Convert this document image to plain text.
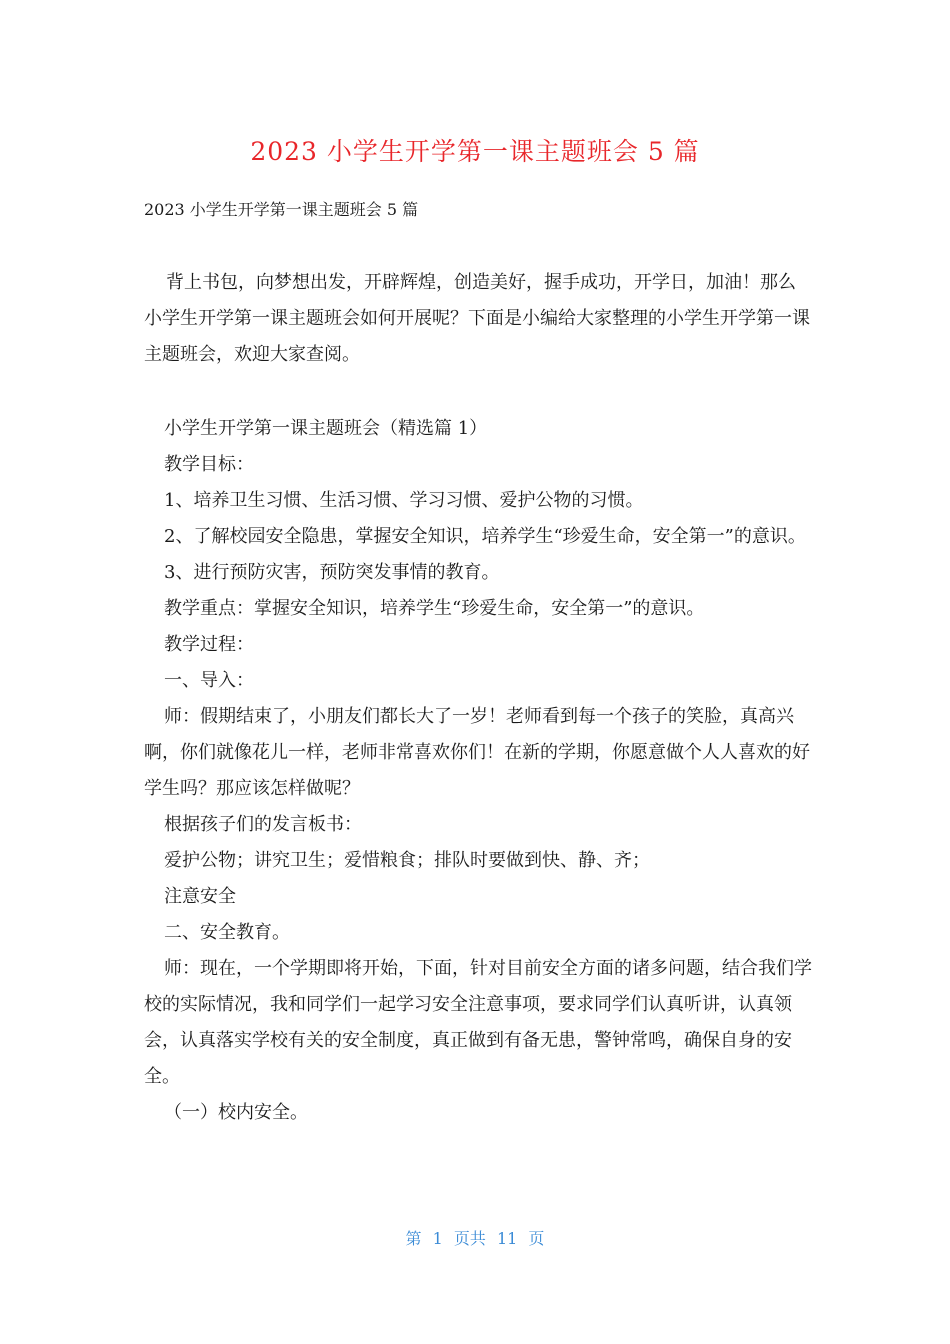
2023 小学生开学第一课主题班会 5 篇
2023 小学生开学第一课主题班会 5 篇

背上书包，向梦想出发，开辟辉煌，创造美好，握手成功，开学日，加油！那么小学生开学第一课主题班会如何开展呢？下面是小编给大家整理的小学生开学第一课主题班会，欢迎大家查阅。

小学生开学第一课主题班会（精选篇 1）

教学目标：

1、培养卫生习惯、生活习惯、学习习惯、爱护公物的习惯。

2、了解校园安全隐患，掌握安全知识，培养学生“珍爱生命，安全第一”的意识。

3、进行预防灾害，预防突发事情的教育。

教学重点：掌握安全知识，培养学生“珍爱生命，安全第一”的意识。

教学过程：

一、导入：

师：假期结束了，小朋友们都长大了一岁！老师看到每一个孩子的笑脸，真高兴啊，你们就像花儿一样，老师非常喜欢你们！在新的学期，你愿意做个人人喜欢的好学生吗？那应该怎样做呢？

根据孩子们的发言板书：

爱护公物；讲究卫生；爱惜粮食；排队时要做到快、静、齐；

注意安全

二、安全教育。

师：现在，一个学期即将开始，下面，针对目前安全方面的诸多问题，结合我们学校的实际情况，我和同学们一起学习安全注意事项，要求同学们认真听讲，认真领会，认真落实学校有关的安全制度，真正做到有备无患，警钟常鸣，确保自身的安全。

（一）校内安全。

第 1 页共 11 页
